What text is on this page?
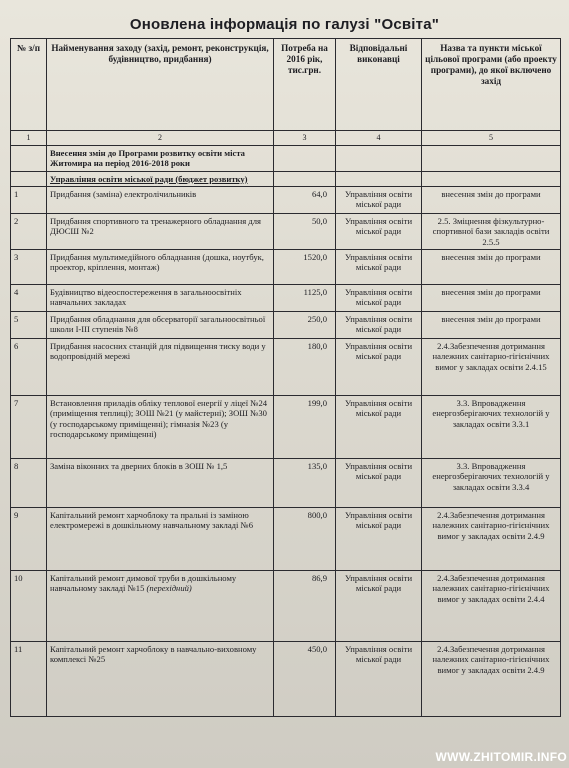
Оновлена інформація по галузі "Освіта"
№ з/п	Найменування заходу (захід, ремонт, реконструкція, будівництво, придбання)	Потреба на 2016 рік, тис.грн.	Відповідальні виконавці	Назва та пункти міської цільової програми (або проекту програми), до якої включено захід
1	2	3	4	5
	Внесення змін до Програми розвитку освіти міста Житомира на період 2016-2018 роки			
	Управління освіти міської ради (бюджет розвитку)			
1	Придбання (заміна) електролічильників	64,0	Управління освіти міської ради	внесення змін до програми
2	Придбання спортивного та тренажерного обладнання для ДЮСШ №2	50,0	Управління освіти міської ради	2.5. Зміцнення фізкультурно-спортивної бази закладів освіти 2.5.5
3	Придбання мультимедійного обладнання (дошка, ноутбук, проектор, кріплення, монтаж)	1520,0	Управління освіти міської ради	внесення змін до програми
4	Будівництво відеоспостереження в загальноосвітніх навчальних закладах	1125,0	Управління освіти міської ради	внесення змін до програми
5	Придбання обладнання для обсерваторії загальноосвітньої школи I-III ступенів №8	250,0	Управління освіти міської ради	внесення змін до програми
6	Придбання насосних станцій для підвищення тиску води у водопровідній мережі	180,0	Управління освіти міської ради	2.4.Забезпечення дотримання належних санітарно-гігієнічних вимог у закладах освіти 2.4.15
7	Встановлення приладів обліку теплової енергії у ліцеї №24 (приміщення теплиці); ЗОШ №21 (у майстерні); ЗОШ №30 (у господарському приміщенні); гімназія №23 (у господарському приміщенні)	199,0	Управління освіти міської ради	3.3. Впровадження енергозберігаючих технологій у закладах освіти 3.3.1
8	Заміна віконних та дверних блоків в ЗОШ № 1,5	135,0	Управління освіти міської ради	3.3. Впровадження енергозберігаючих технологій у закладах освіти 3.3.4
9	Капітальний ремонт харчоблоку та пральні із заміною електромережі в дошкільному навчальному закладі №6	800,0	Управління освіти міської ради	2.4.Забезпечення дотримання належних санітарно-гігієнічних вимог у закладах освіти 2.4.9
10	Капітальний ремонт димової труби в дошкільному навчальному закладі №15 (перехідний)	86,9	Управління освіти міської ради	2.4.Забезпечення дотримання належних санітарно-гігієнічних вимог у закладах освіти 2.4.4
11	Капітальний ремонт харчоблоку в навчально-виховному комплексі №25	450,0	Управління освіти міської ради	2.4.Забезпечення дотримання належних санітарно-гігієнічних вимог у закладах освіти 2.4.9
WWW.ZHITOMIR.INFO
